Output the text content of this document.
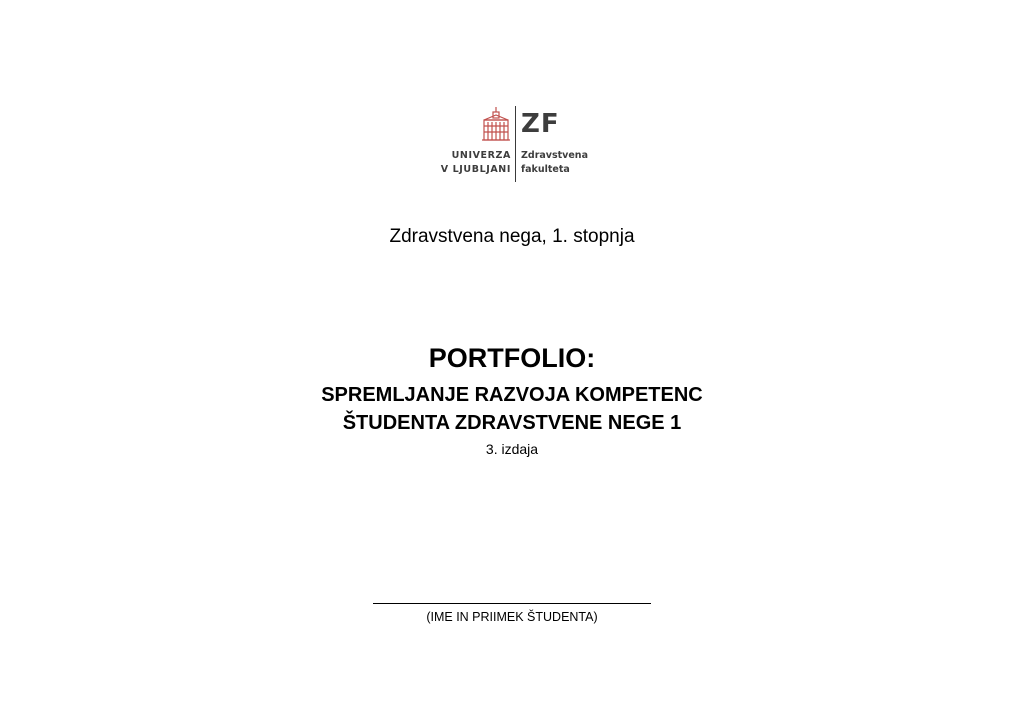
ZF
UNIVERZA
V LJUBLJANI
Zdravstvena
fakulteta
Zdravstvena nega, 1. stopnja
PORTFOLIO:
SPREMLJANJE RAZVOJA KOMPETENC
ŠTUDENTA ZDRAVSTVENE NEGE 1
3. izdaja
(IME IN PRIIMEK ŠTUDENTA)
